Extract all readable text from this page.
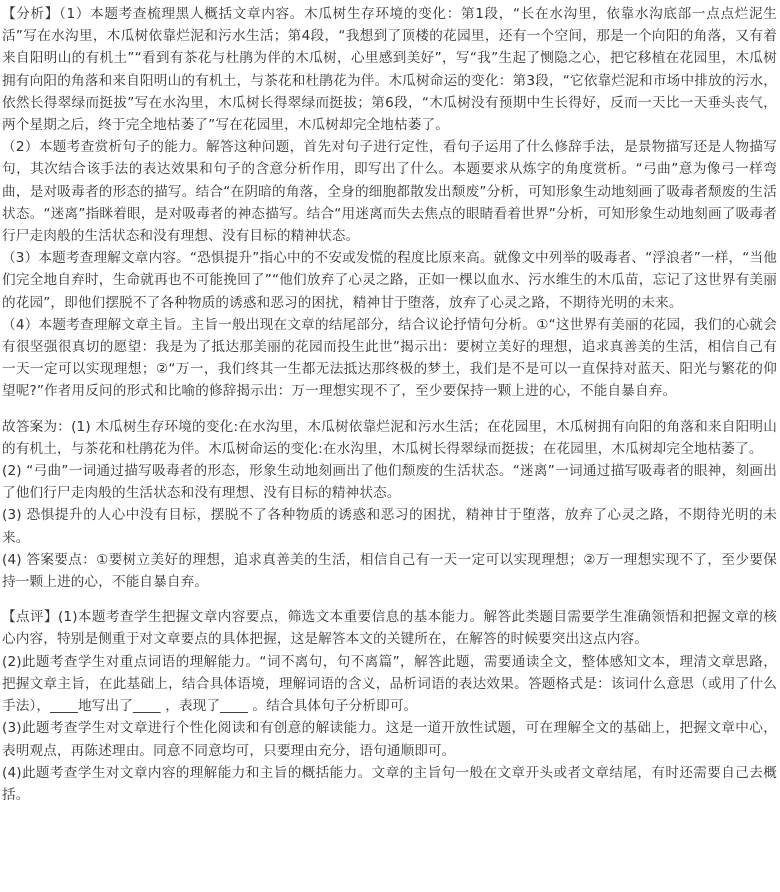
【分析】（1）本题考查梳理黑人概括文章内容。木瓜树生存环境的变化：第1段，“长在水沟里，依靠水沟底部一点点烂泥生活”写在水沟里，木瓜树依靠烂泥和污水生活；第4段，“我想到了顶楼的花园里，还有一个空间，那是一个向阳的角落，又有着来自阳明山的有机土”“看到有茶花与杜鹃为伴的木瓜树，心里感到美好”，写“我”生起了恻隐之心，把它移植在花园里，木瓜树拥有向阳的角落和来自阳明山的有机土，与茶花和杜鹃花为伴。木瓜树命运的变化：第3段，“它依靠烂泥和市场中排放的污水，依然长得翠绿而挺拔”写在水沟里，木瓜树长得翠绿而挺拔；第6段，“木瓜树没有预期中生长得好，反而一天比一天垂头丧气，两个星期之后，终于完全地枯萎了”写在花园里，木瓜树却完全地枯萎了。

（2）本题考查赏析句子的能力。解答这种问题，首先对句子进行定性，看句子运用了什么修辞手法，是景物描写还是人物描写句，其次结合该手法的表达效果和句子的含意分析作用，即写出了什么。本题要求从炼字的角度赏析。“弓曲”意为像弓一样弯曲，是对吸毒者的形态的描写。结合“在阴暗的角落，全身的细胞都散发出颓废”分析，可知形象生动地刻画了吸毒者颓废的生活状态。“迷离”指眯着眼，是对吸毒者的神态描写。结合“用迷离而失去焦点的眼睛看着世界”分析，可知形象生动地刻画了吸毒者行尸走肉般的生活状态和没有理想、没有目标的精神状态。

（3）本题考查理解文章内容。“恐惧提升”指心中的不安或发慌的程度比原来高。就像文中列举的吸毒者、“浮浪者”一样，“当他们完全地自弃时，生命就再也不可能挽回了”“他们放弃了心灵之路，正如一棵以血水、污水维生的木瓜苗，忘记了这世界有美丽的花园”，即他们摆脱不了各种物质的诱惑和恶习的困扰，精神甘于堕落，放弃了心灵之路，不期待光明的未来。

（4）本题考查理解文章主旨。主旨一般出现在文章的结尾部分，结合议论抒情句分析。①“这世界有美丽的花园，我们的心就会有很坚强很真切的愿望：我是为了抵达那美丽的花园而投生此世”揭示出：要树立美好的理想，追求真善美的生活，相信自己有一天一定可以实现理想；②“万一，我们终其一生都无法抵达那终极的梦土，我们是不是可以一直保持对蓝天、阳光与繁花的仰望呢?”作者用反问的形式和比喻的修辞揭示出：万一理想实现不了，至少要保持一颗上进的心，不能自暴自弃。

故答案为：(1) 木瓜树生存环境的变化:在水沟里，木瓜树依靠烂泥和污水生活；在花园里，木瓜树拥有向阳的角落和来自阳明山的有机土，与茶花和杜鹃花为伴。木瓜树命运的变化:在水沟里，木瓜树长得翠绿而挺拔；在花园里，木瓜树却完全地枯萎了。

(2) “弓曲”一词通过描写吸毒者的形态，形象生动地刻画出了他们颓废的生活状态。“迷离”一词通过描写吸毒者的眼神，刻画出了他们行尸走肉般的生活状态和没有理想、没有目标的精神状态。

(3) 恐惧提升的人心中没有目标，摆脱不了各种物质的诱惑和恶习的困扰，精神甘于堕落，放弃了心灵之路，不期待光明的未来。

(4) 答案要点：①要树立美好的理想，追求真善美的生活，相信自己有一天一定可以实现理想；②万一理想实现不了，至少要保持一颗上进的心，不能自暴自弃。

【点评】(1)本题考查学生把握文章内容要点，筛选文本重要信息的基本能力。解答此类题目需要学生准确领悟和把握文章的核心内容，特别是侧重于对文章要点的具体把握，这是解答本文的关键所在，在解答的时候要突出这点内容。

(2)此题考查学生对重点词语的理解能力。“词不离句，句不离篇”，解答此题，需要通读全文，整体感知文本，理清文章思路，把握文章主旨，在此基础上，结合具体语境，理解词语的含义，品析词语的表达效果。答题格式是：该词什么意思（或用了什么手法），____地写出了____ ，表现了____ 。结合具体句子分析即可。

(3)此题考查学生对文章进行个性化阅读和有创意的解读能力。这是一道开放性试题，可在理解全文的基础上，把握文章中心，表明观点，再陈述理由。同意不同意均可，只要理由充分，语句通顺即可。

(4)此题考查学生对文章内容的理解能力和主旨的概括能力。文章的主旨句一般在文章开头或者文章结尾，有时还需要自己去概括。
